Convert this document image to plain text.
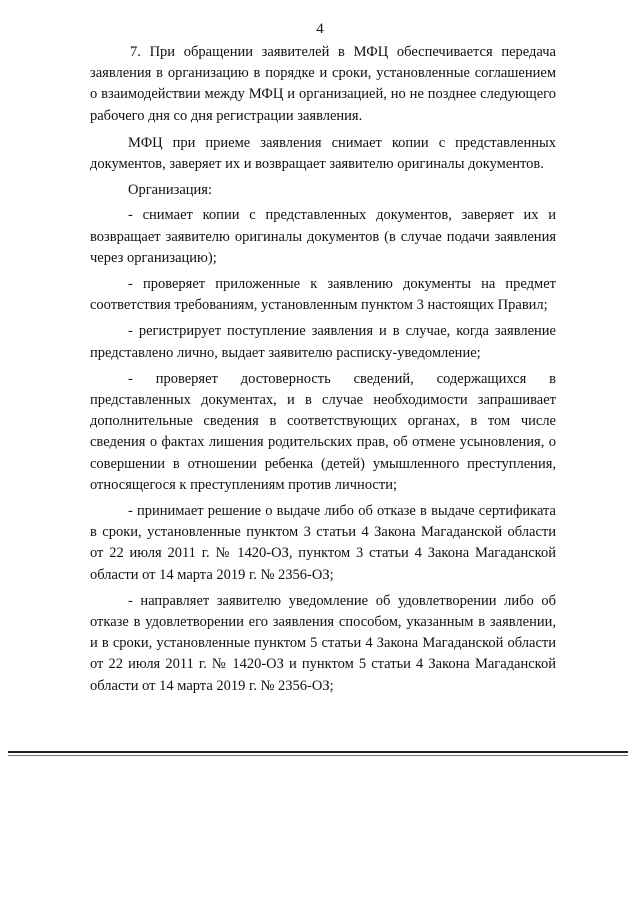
4

7. При обращении заявителей в МФЦ обеспечивается передача заявления в организацию в порядке и сроки, установленные соглашением о взаимодействии между МФЦ и организацией, но не позднее следующего рабочего дня со дня регистрации заявления.

МФЦ при приеме заявления снимает копии с представленных документов, заверяет их и возвращает заявителю оригиналы документов.

Организация:

- снимает копии с представленных документов, заверяет их и возвращает заявителю оригиналы документов (в случае подачи заявления через организацию);

- проверяет приложенные к заявлению документы на предмет соответствия требованиям, установленным пунктом 3 настоящих Правил;

- регистрирует поступление заявления и в случае, когда заявление представлено лично, выдает заявителю расписку-уведомление;

- проверяет достоверность сведений, содержащихся в представленных документах, и в случае необходимости запрашивает дополнительные сведения в соответствующих органах, в том числе сведения о фактах лишения родительских прав, об отмене усыновления, о совершении в отношении ребенка (детей) умышленного преступления, относящегося к преступлениям против личности;

- принимает решение о выдаче либо об отказе в выдаче сертификата в сроки, установленные пунктом 3 статьи 4 Закона Магаданской области от 22 июля 2011 г. № 1420-ОЗ, пунктом 3 статьи 4 Закона Магаданской области от 14 марта 2019 г. № 2356-ОЗ;

- направляет заявителю уведомление об удовлетворении либо об отказе в удовлетворении его заявления способом, указанным в заявлении, и в сроки, установленные пунктом 5 статьи 4 Закона Магаданской области от 22 июля 2011 г. № 1420-ОЗ и пунктом 5 статьи 4 Закона Магаданской области от 14 марта 2019 г. № 2356-ОЗ;
